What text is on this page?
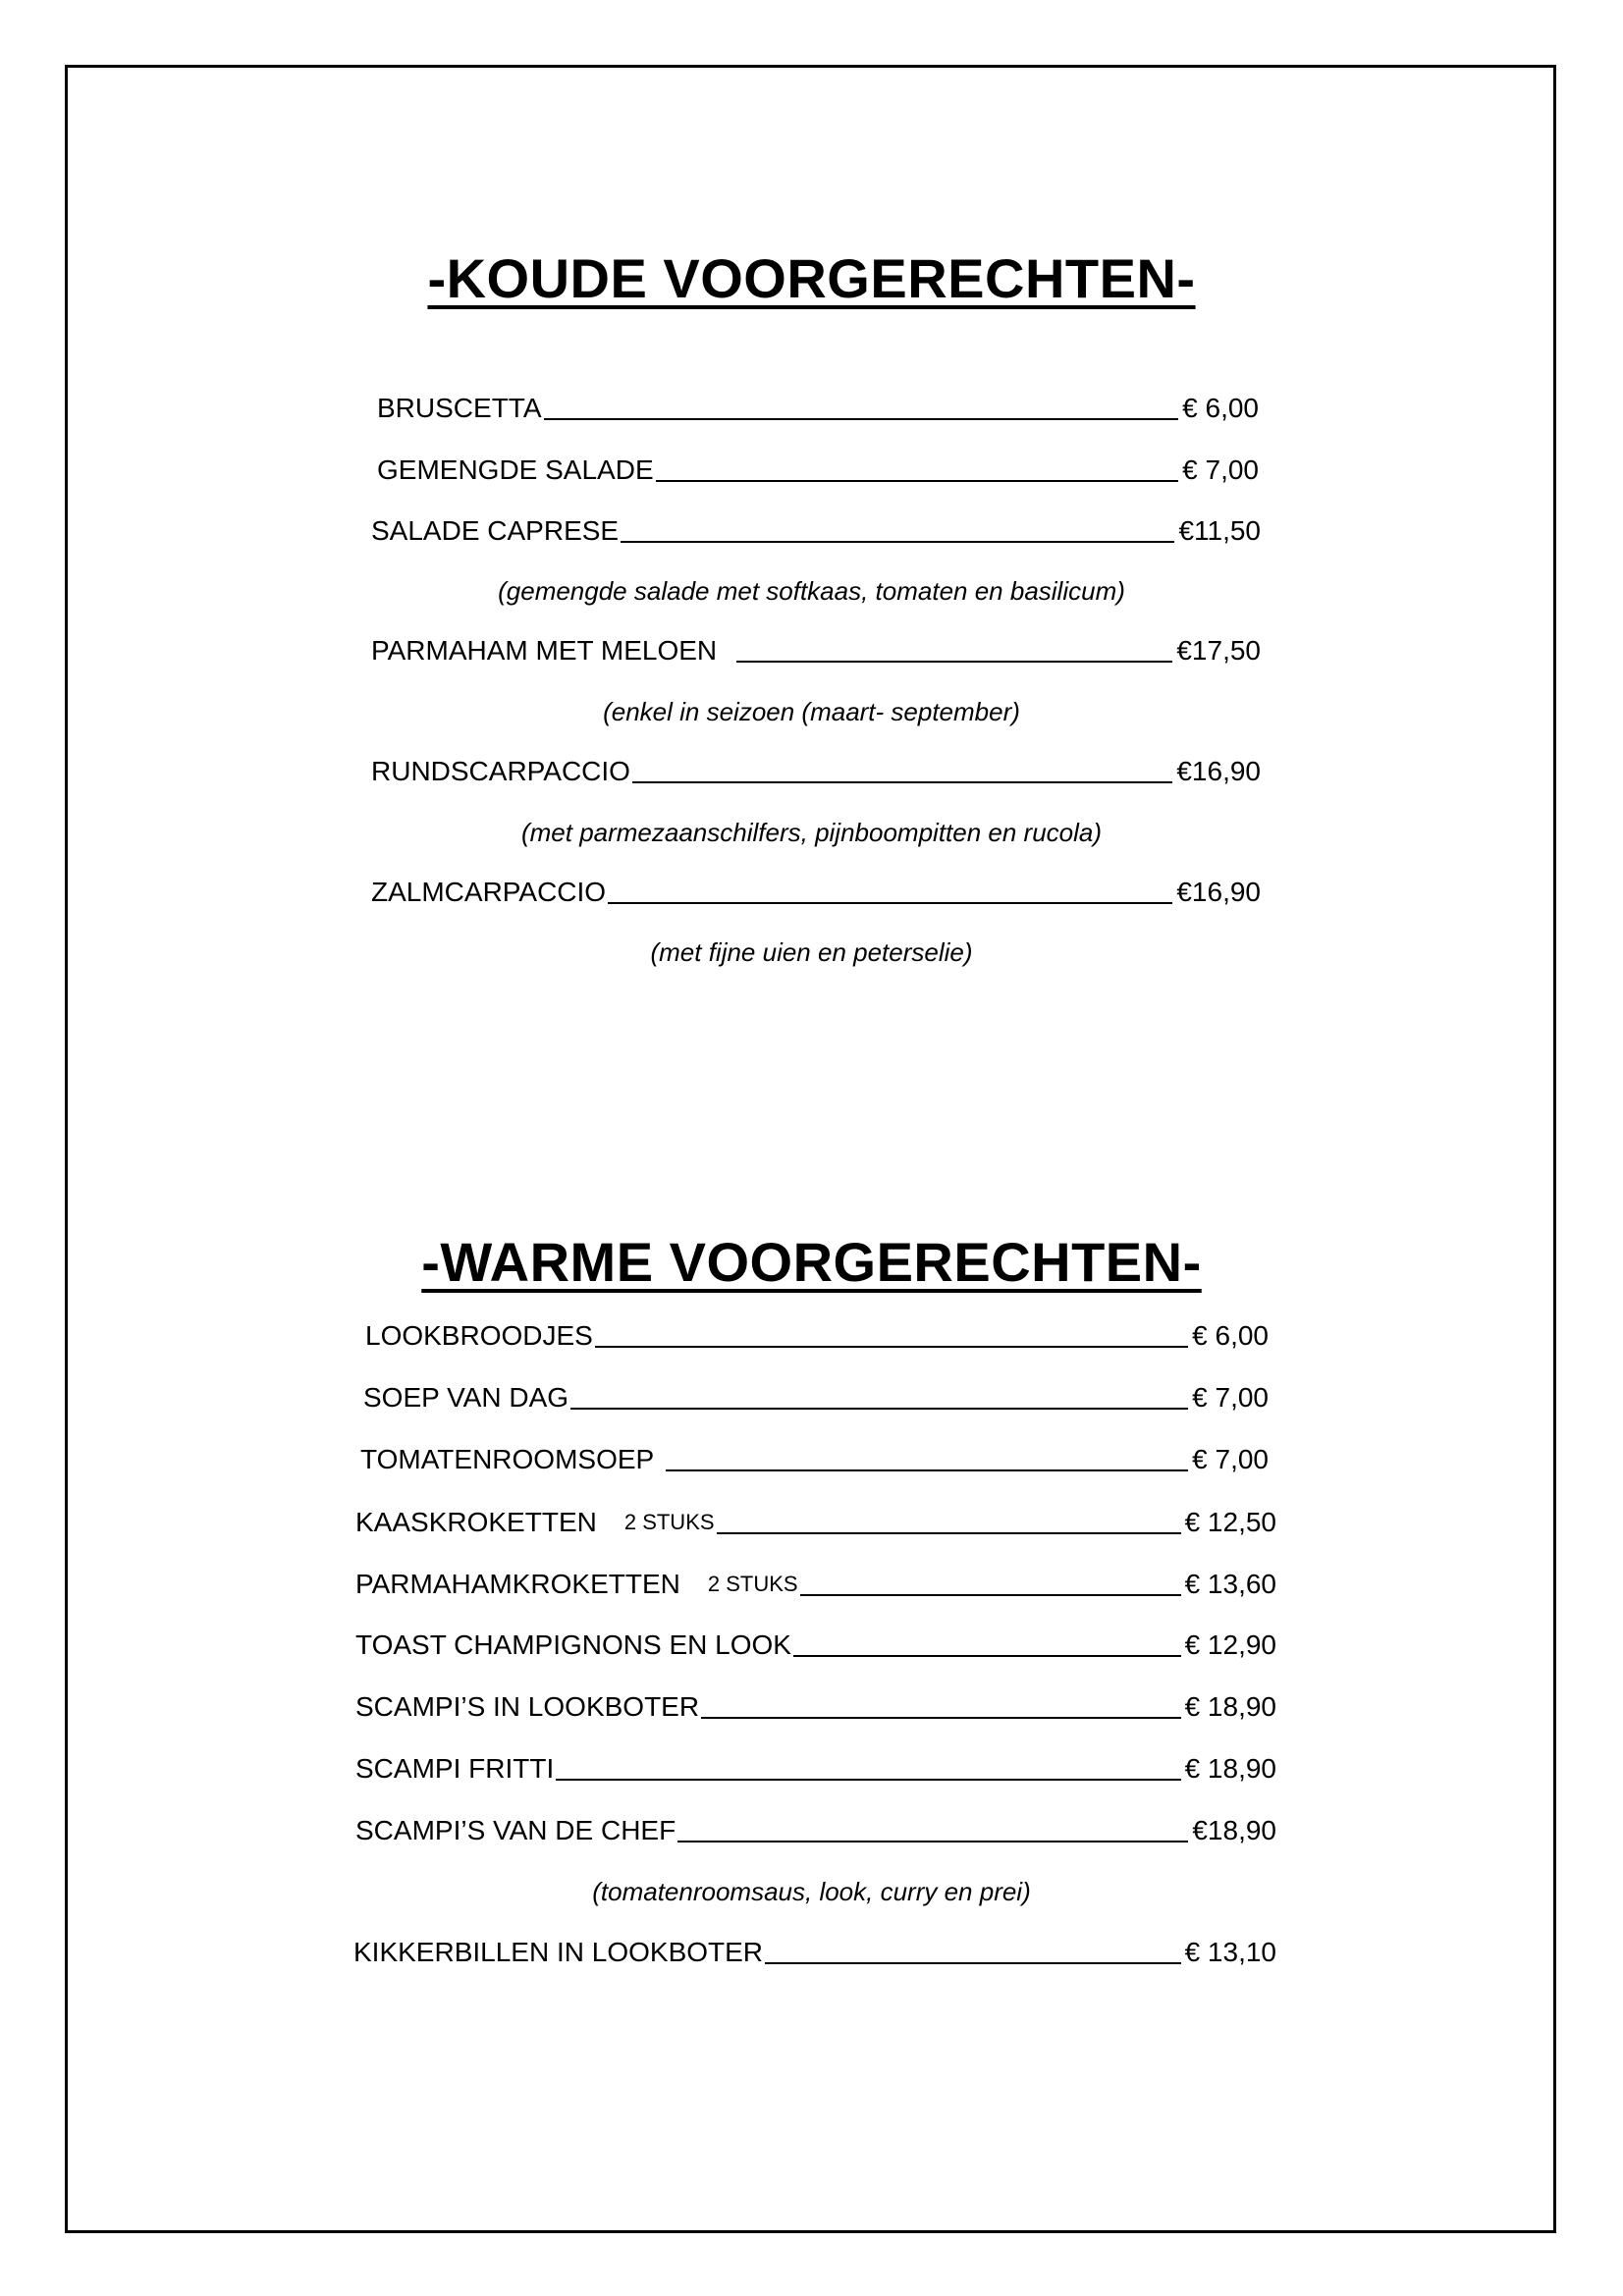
-KOUDE VOORGERECHTEN-
BRUSCETTA	€ 6,00
GEMENGDE SALADE	€ 7,00
SALADE CAPRESE	€11,50
(gemengde salade met softkaas, tomaten en basilicum)
PARMAHAM MET MELOEN	€17,50
(enkel in seizoen (maart- september)
RUNDSCARPACCIO	€16,90
(met parmezaanschilfers, pijnboompitten en rucola)
ZALMCARPACCIO	€16,90
(met fijne uien en peterselie)
-WARME VOORGERECHTEN-
LOOKBROODJES	€ 6,00
SOEP VAN DAG	€ 7,00
TOMATENROOMSOEP	€ 7,00
KAASKROKETTEN 2 STUKS	€ 12,50
PARMAHAMKROKETTEN 2 STUKS	€ 13,60
TOAST CHAMPIGNONS EN LOOK	€ 12,90
SCAMPI’S IN LOOKBOTER	€ 18,90
SCAMPI FRITTI	€ 18,90
SCAMPI’S VAN DE CHEF	€18,90
(tomatenroomsaus, look, curry en prei)
KIKKERBILLEN IN LOOKBOTER	€ 13,10
